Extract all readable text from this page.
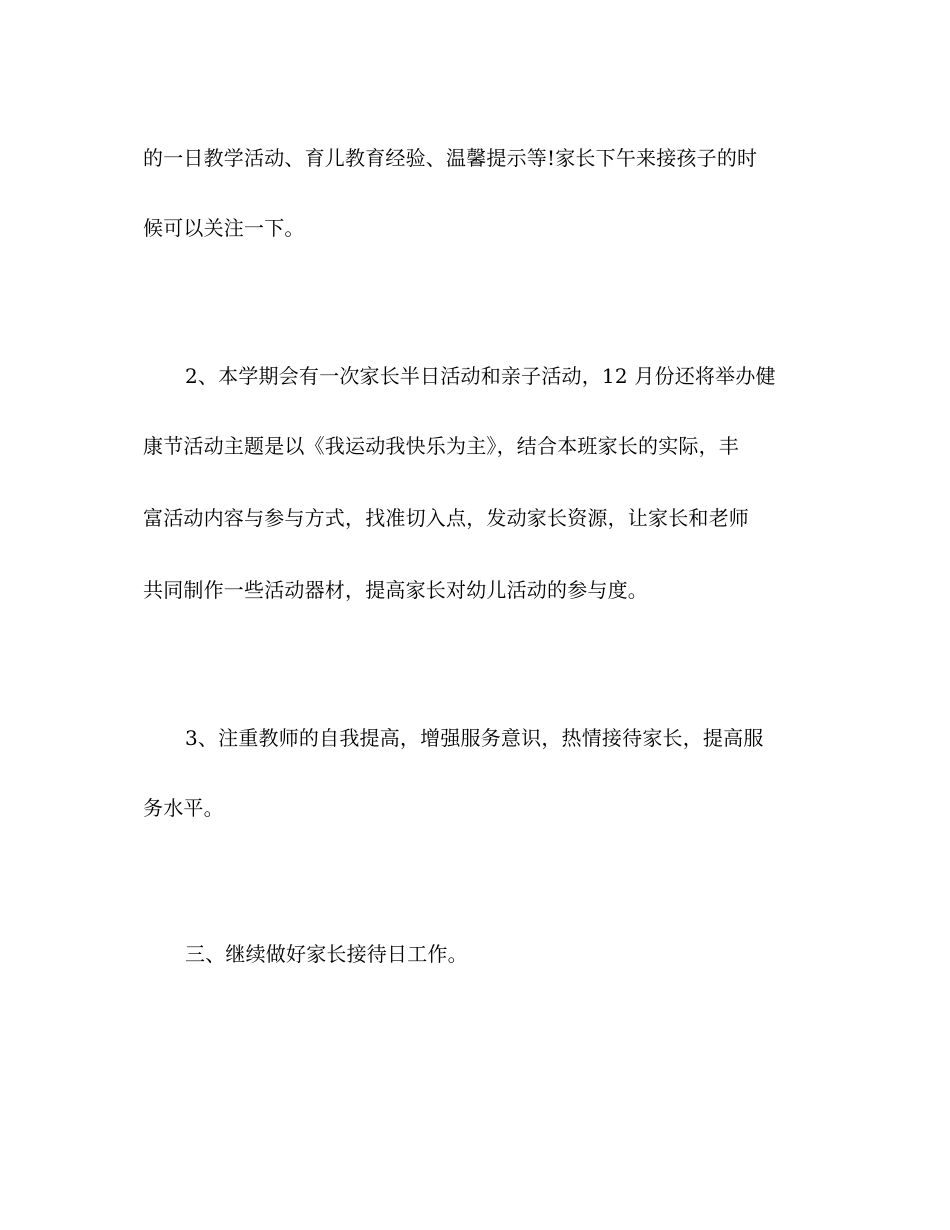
的一日教学活动、育儿教育经验、温馨提示等!家长下午来接孩子的时
候可以关注一下。
2、本学期会有一次家长半日活动和亲子活动，12 月份还将举办健
康节活动主题是以《我运动我快乐为主》，结合本班家长的实际，丰
富活动内容与参与方式，找准切入点，发动家长资源，让家长和老师
共同制作一些活动器材，提高家长对幼儿活动的参与度。
3、注重教师的自我提高，增强服务意识，热情接待家长，提高服
务水平。
三、继续做好家长接待日工作。
